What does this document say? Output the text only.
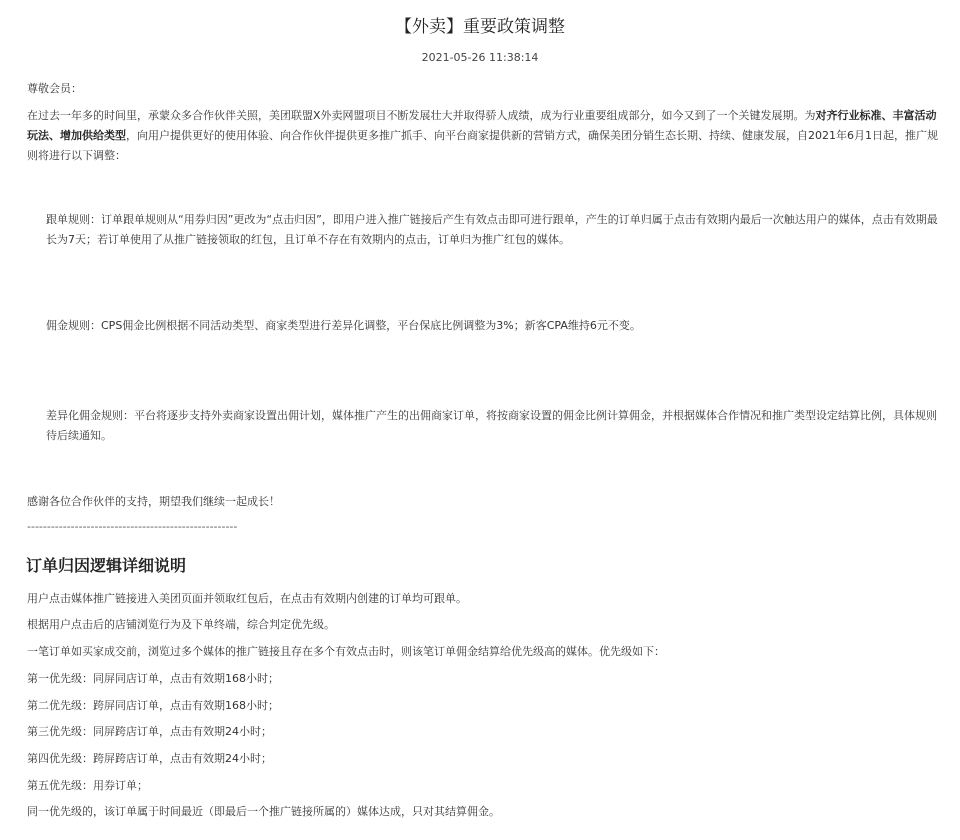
【外卖】重要政策调整
2021-05-26 11:38:14

尊敬会员：

在过去一年多的时间里，承蒙众多合作伙伴关照，美团联盟X外卖网盟项目不断发展壮大并取得骄人成绩，成为行业重要组成部分，如今又到了一个关键发展期。为对齐行业标准、丰富活动玩法、增加供给类型，向用户提供更好的使用体验、向合作伙伴提供更多推广抓手、向平台商家提供新的营销方式，确保美团分销生态长期、持续、健康发展，自2021年6月1日起，推广规则将进行以下调整：

跟单规则：订单跟单规则从“用券归因”更改为“点击归因”，即用户进入推广链接后产生有效点击即可进行跟单，产生的订单归属于点击有效期内最后一次触达用户的媒体，点击有效期最长为7天；若订单使用了从推广链接领取的红包，且订单不存在有效期内的点击，订单归为推广红包的媒体。

佣金规则：CPS佣金比例根据不同活动类型、商家类型进行差异化调整，平台保底比例调整为3%；新客CPA维持6元不变。

差异化佣金规则：平台将逐步支持外卖商家设置出佣计划，媒体推广产生的出佣商家订单，将按商家设置的佣金比例计算佣金，并根据媒体合作情况和推广类型设定结算比例，具体规则待后续通知。

感谢各位合作伙伴的支持，期望我们继续一起成长！

-----------------------------------------------------
订单归因逻辑详细说明

用户点击媒体推广链接进入美团页面并领取红包后，在点击有效期内创建的订单均可跟单。

根据用户点击后的店铺浏览行为及下单终端，综合判定优先级。

一笔订单如买家成交前，浏览过多个媒体的推广链接且存在多个有效点击时，则该笔订单佣金结算给优先级高的媒体。优先级如下：

第一优先级：同屏同店订单，点击有效期168小时；

第二优先级：跨屏同店订单，点击有效期168小时；

第三优先级：同屏跨店订单，点击有效期24小时；

第四优先级：跨屏跨店订单，点击有效期24小时；

第五优先级：用券订单；

同一优先级的，该订单属于时间最近（即最后一个推广链接所属的）媒体达成，只对其结算佣金。
